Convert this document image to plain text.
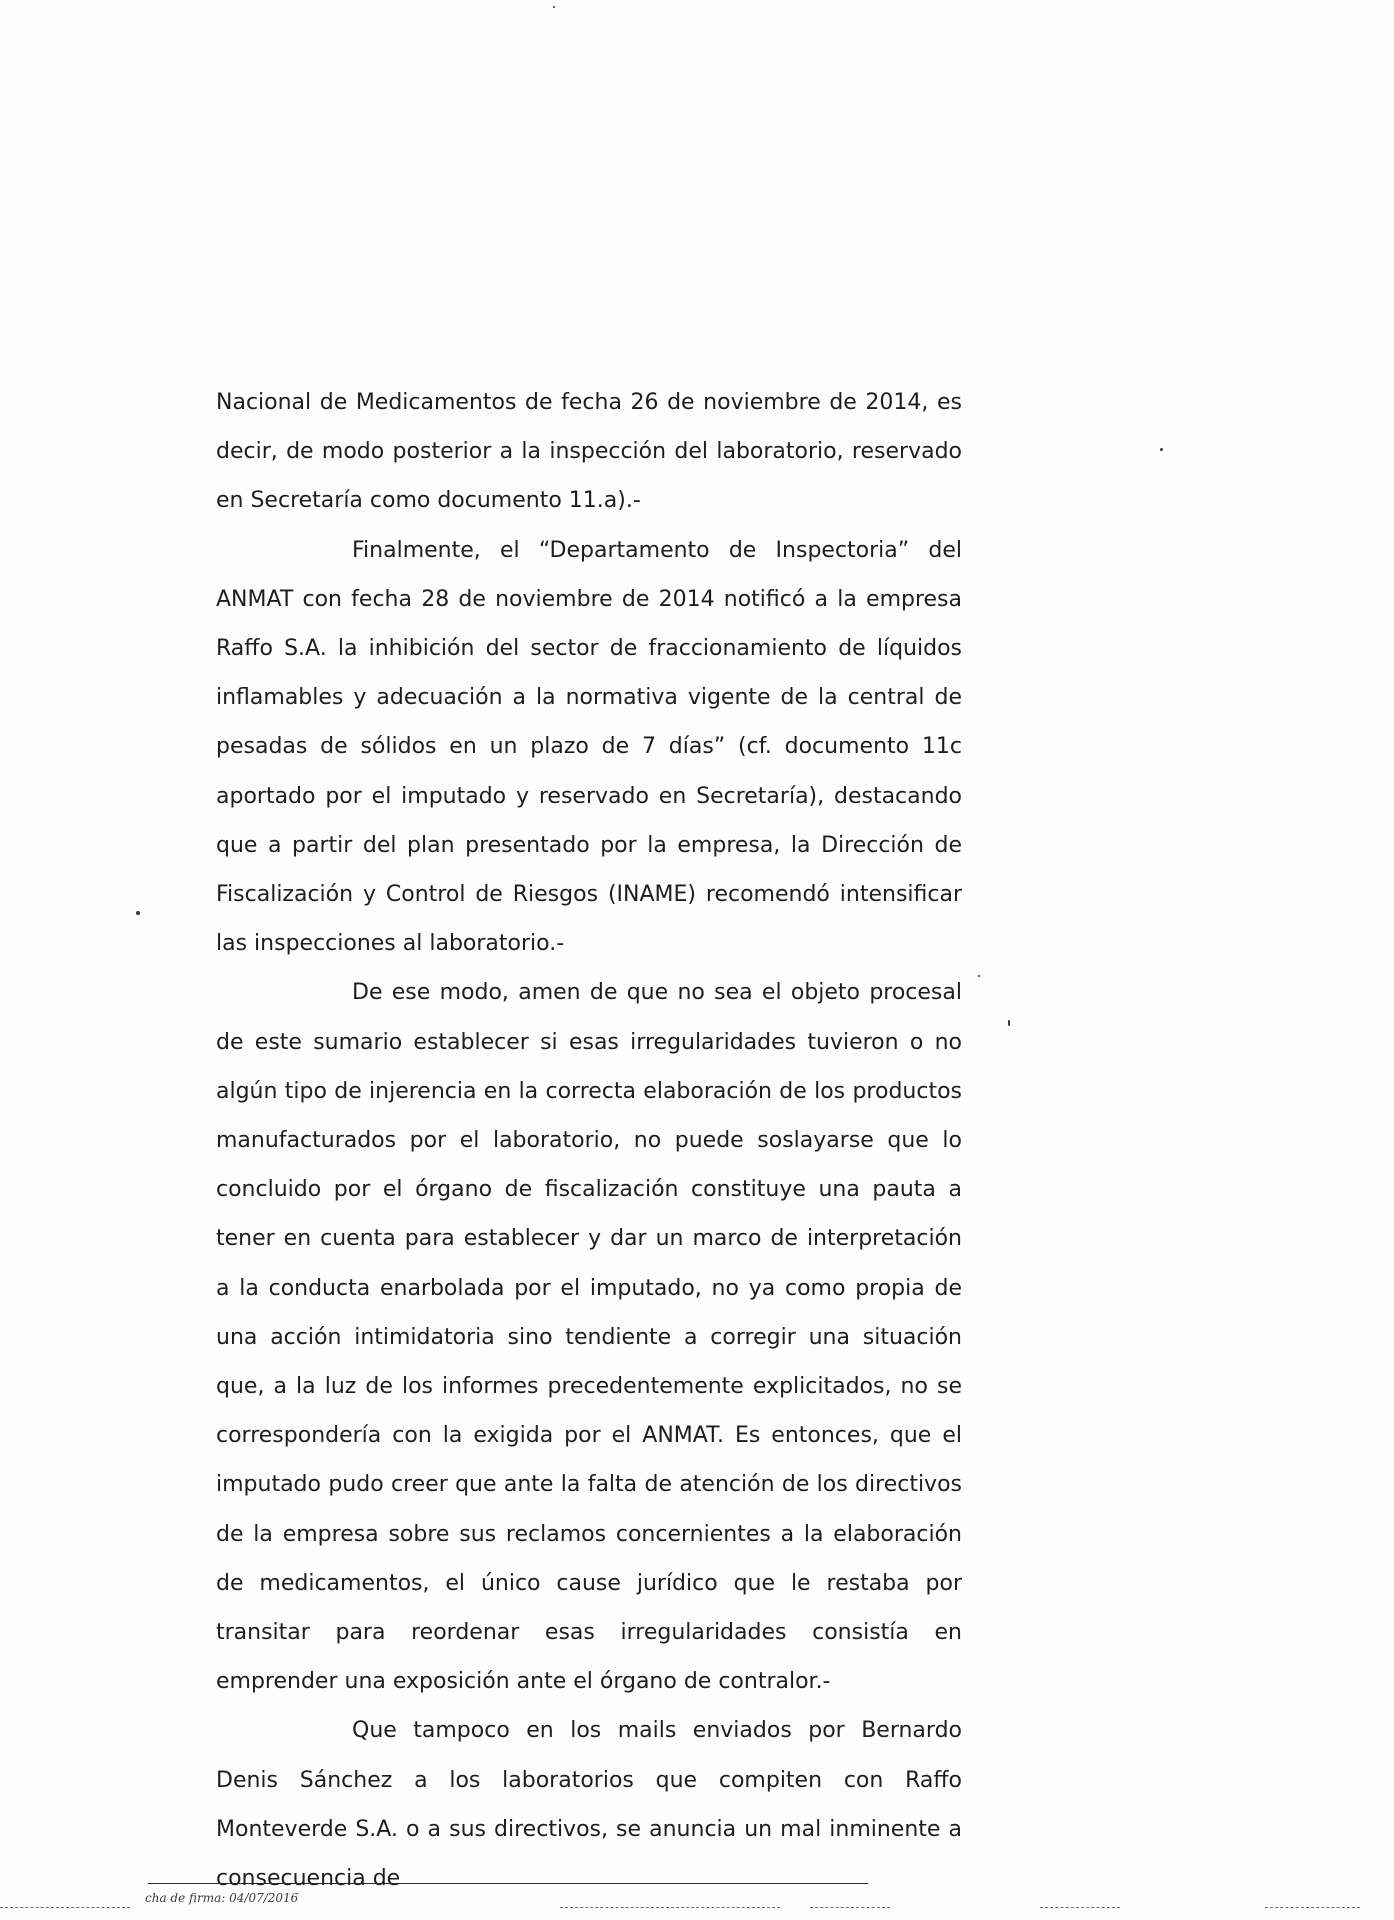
Nacional de Medicamentos de fecha 26 de noviembre de 2014, es decir, de modo posterior a la inspección del laboratorio, reservado en Secretaría como documento 11.a).-

Finalmente, el “Departamento de Inspectoria” del ANMAT con fecha 28 de noviembre de 2014 notificó a la empresa Raffo S.A. la inhibición del sector de fraccionamiento de líquidos inflamables y adecuación a la normativa vigente de la central de pesadas de sólidos en un plazo de 7 días” (cf. documento 11c aportado por el imputado y reservado en Secretaría), destacando que a partir del plan presentado por la empresa, la Dirección de Fiscalización y Control de Riesgos (INAME) recomendó intensificar las inspecciones al laboratorio.-

De ese modo, amen de que no sea el objeto procesal de este sumario establecer si esas irregularidades tuvieron o no algún tipo de injerencia en la correcta elaboración de los productos manufacturados por el laboratorio, no puede soslayarse que lo concluido por el órgano de fiscalización constituye una pauta a tener en cuenta para establecer y dar un marco de interpretación a la conducta enarbolada por el imputado, no ya como propia de una acción intimidatoria sino tendiente a corregir una situación que, a la luz de los informes precedentemente explicitados, no se correspondería con la exigida por el ANMAT. Es entonces, que el imputado pudo creer que ante la falta de atención de los directivos de la empresa sobre sus reclamos concernientes a la elaboración de medicamentos, el único cause jurídico que le restaba por transitar para reordenar esas irregularidades consistía en emprender una exposición ante el órgano de contralor.-

Que tampoco en los mails enviados por Bernardo Denis Sánchez a los laboratorios que compiten con Raffo Monteverde S.A. o a sus directivos, se anuncia un mal inminente a consecuencia de

cha de firma: 04/07/2016
